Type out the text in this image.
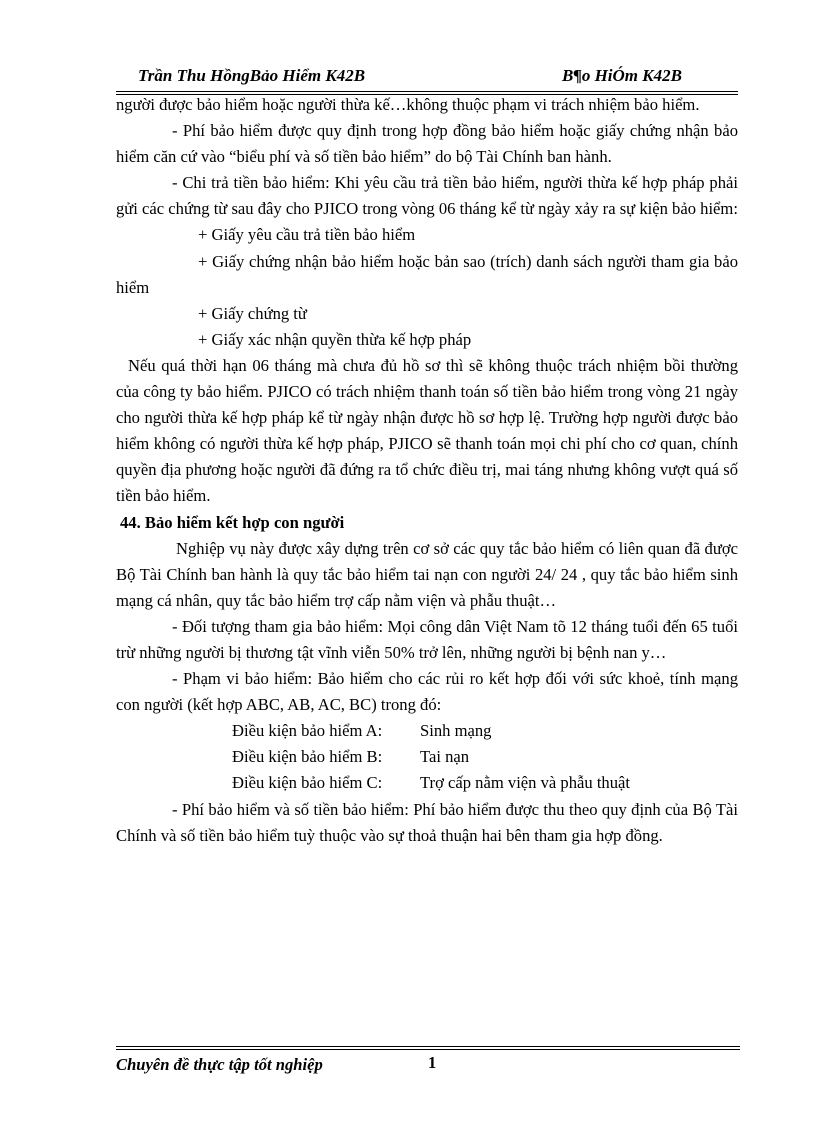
Trần Thu HồngBảo Hiểm K42B	B¶o HiÓm K42B

người được bảo hiểm hoặc người thừa kế…không thuộc phạm vi trách nhiệm bảo hiểm.

- Phí bảo hiểm được quy định trong hợp đồng bảo hiểm hoặc giấy chứng nhận bảo hiểm căn cứ vào “biểu phí và số tiền bảo hiểm” do bộ Tài Chính ban hành.

- Chi trả tiền bảo hiểm: Khi yêu cầu trả tiền bảo hiểm, người thừa kế hợp pháp phải gửi các chứng từ sau đây cho PJICO trong vòng 06 tháng kể từ ngày xảy ra sự kiện bảo hiểm:

+ Giấy yêu cầu trả tiền bảo hiểm

+ Giấy chứng nhận bảo hiểm hoặc bản sao (trích) danh sách người tham gia bảo hiểm

+ Giấy chứng từ

+ Giấy xác nhận quyền thừa kế hợp pháp

Nếu quá thời hạn 06 tháng mà chưa đủ hồ sơ thì sẽ không thuộc trách nhiệm bồi thường của công ty bảo hiểm. PJICO có trách nhiệm thanh toán số tiền bảo hiểm trong vòng 21 ngày cho người thừa kế hợp pháp kể từ ngày nhận được hồ sơ hợp lệ. Trường hợp người được bảo hiểm không có người thừa kế hợp pháp, PJICO sẽ thanh toán mọi chi phí cho cơ quan, chính quyền địa phương hoặc người đã đứng ra tổ chức điều trị, mai táng nhưng không vượt quá số tiền bảo hiểm.

44. Bảo hiểm kết hợp con người

Nghiệp vụ này được xây dựng trên cơ sở các quy tắc bảo hiểm có liên quan đã được Bộ Tài Chính ban hành là quy tắc bảo hiểm tai nạn con người 24/ 24 , quy tắc bảo hiểm sinh mạng cá nhân, quy tắc bảo hiểm trợ cấp nằm viện và phẫu thuật…

- Đối tượng tham gia bảo hiểm: Mọi công dân Việt Nam tõ 12 tháng tuổi đến 65 tuổi trừ những người bị thương tật vĩnh viễn 50% trở lên, những người bị bệnh nan y…

- Phạm vi bảo hiểm: Bảo hiểm cho các rủi ro kết hợp đối với sức khoẻ, tính mạng con người (kết hợp ABC, AB, AC, BC) trong đó:

Điều kiện bảo hiểm A:	Sinh mạng
Điều kiện bảo hiểm B:	Tai nạn
Điều kiện bảo hiểm C:	Trợ cấp nằm viện và phẫu thuật

- Phí bảo hiểm và số tiền bảo hiểm: Phí bảo hiểm được thu theo quy định của Bộ Tài Chính và số tiền bảo hiểm tuỳ thuộc vào sự thoả thuận hai bên tham gia hợp đồng.

Chuyên đề thực tập tốt nghiệp	1
